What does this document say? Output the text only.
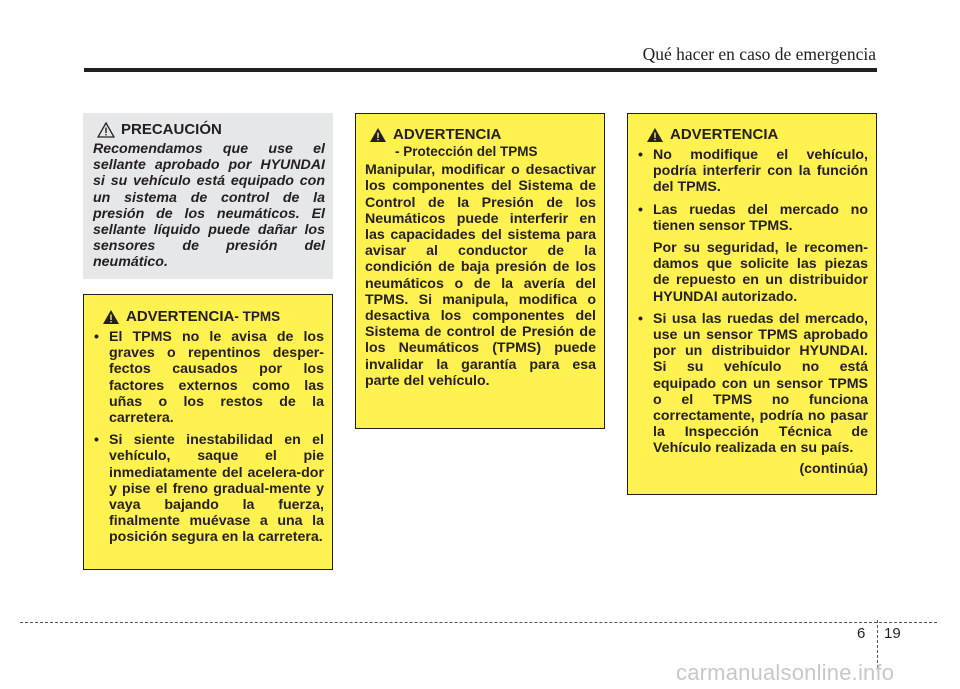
Qué hacer en caso de emergencia
PRECAUCIÓN
Recomendamos que use el sellante aprobado por HYUNDAI si su vehículo está equipado con un sistema de control de la presión de los neumáticos. El sellante líquido puede dañar los sensores de presión del neumático.
ADVERTENCIA - TPMS
• El TPMS no le avisa de los graves o repentinos desper-fectos causados por los factores externos como las uñas o los restos de la carretera.
• Si siente inestabilidad en el vehículo, saque el pie inmediatamente del acelera-dor y pise el freno gradual-mente y vaya bajando la fuerza, finalmente muévase a una la posición segura en la carretera.
ADVERTENCIA
- Protección del TPMS
Manipular, modificar o desactivar los componentes del Sistema de Control de la Presión de los Neumáticos puede interferir en las capacidades del sistema para avisar al conductor de la condición de baja presión de los neumáticos o de la avería del TPMS. Si manipula, modifica o desactiva los componentes del Sistema de control de Presión de los Neumáticos (TPMS) puede invalidar la garantía para esa parte del vehículo.
ADVERTENCIA
• No modifique el vehículo, podría interferir con la función del TPMS.
• Las ruedas del mercado no tienen sensor TPMS.
Por su seguridad, le recomen-damos que solicite las piezas de repuesto en un distribuidor HYUNDAI autorizado.
• Si usa las ruedas del mercado, use un sensor TPMS aprobado por un distribuidor HYUNDAI. Si su vehículo no está equipado con un sensor TPMS o el TPMS no funciona correctamente, podría no pasar la Inspección Técnica de Vehículo realizada en su país.
(continúa)
6 19
carmanualsonline.info
